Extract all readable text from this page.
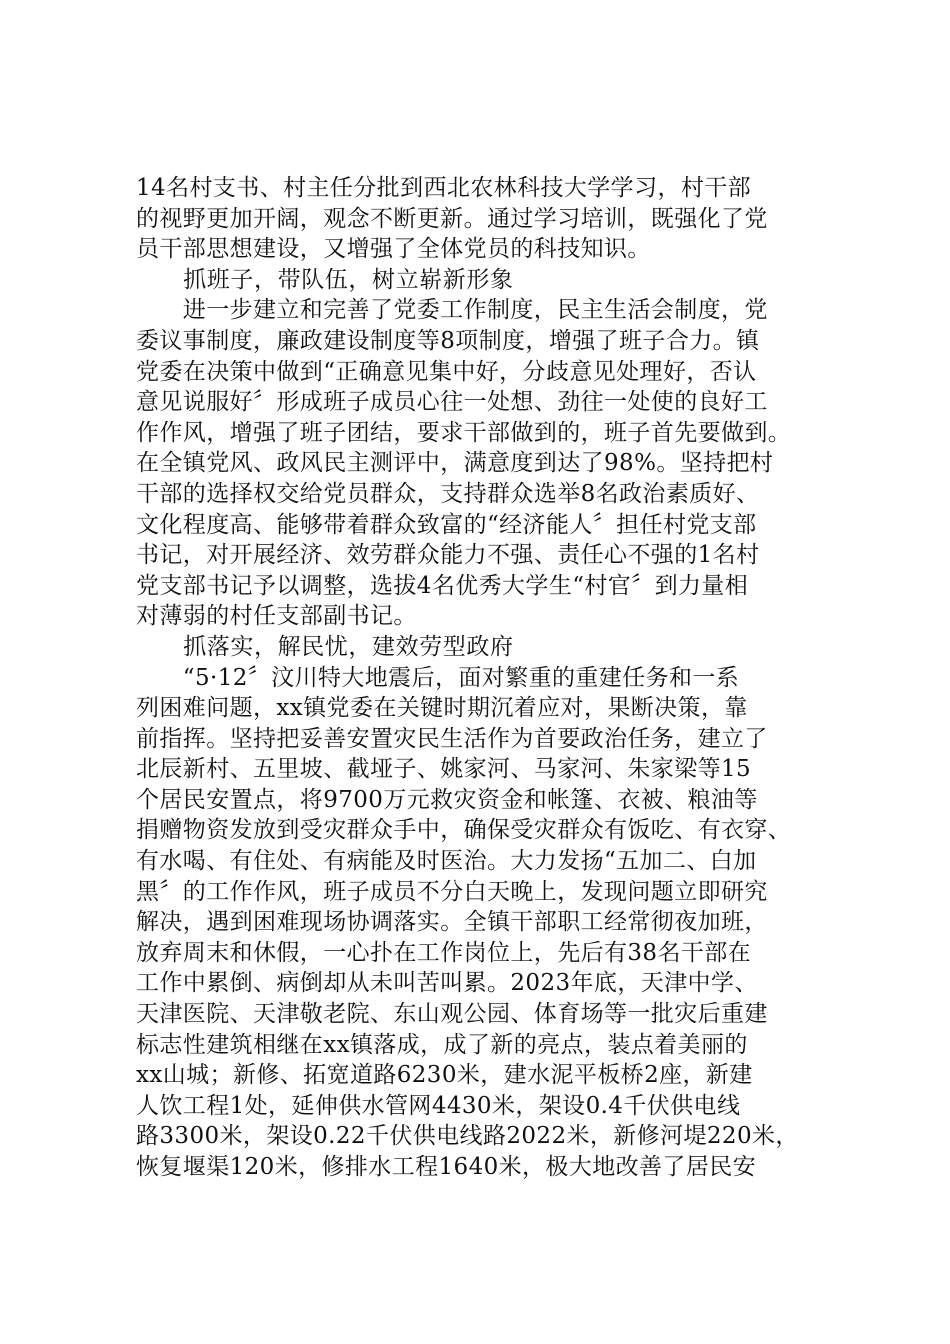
14名村支书、村主任分批到西北农林科技大学学习，村干部
的视野更加开阔，观念不断更新。通过学习培训，既强化了党
员干部思想建设，又增强了全体党员的科技知识。
　　抓班子，带队伍，树立崭新形象
　　进一步建立和完善了党委工作制度，民主生活会制度，党
委议事制度，廉政建设制度等8项制度，增强了班子合力。镇
党委在决策中做到“正确意见集中好，分歧意见处理好，否认
意见说服好〞形成班子成员心往一处想、劲往一处使的良好工
作作风，增强了班子团结，要求干部做到的，班子首先要做到。
在全镇党风、政风民主测评中，满意度到达了98%。坚持把村
干部的选择权交给党员群众，支持群众选举8名政治素质好、
文化程度高、能够带着群众致富的“经济能人〞担任村党支部
书记，对开展经济、效劳群众能力不强、责任心不强的1名村
党支部书记予以调整，选拔4名优秀大学生“村官〞到力量相
对薄弱的村任支部副书记。
　　抓落实，解民忧，建效劳型政府
　　“5·12〞汶川特大地震后，面对繁重的重建任务和一系
列困难问题，xx镇党委在关键时期沉着应对，果断决策，靠
前指挥。坚持把妥善安置灾民生活作为首要政治任务，建立了
北辰新村、五里坡、截垭子、姚家河、马家河、朱家梁等15
个居民安置点，将9700万元救灾资金和帐篷、衣被、粮油等
捐赠物资发放到受灾群众手中，确保受灾群众有饭吃、有衣穿、
有水喝、有住处、有病能及时医治。大力发扬“五加二、白加
黑〞的工作作风，班子成员不分白天晚上，发现问题立即研究
解决，遇到困难现场协调落实。全镇干部职工经常彻夜加班，
放弃周末和休假，一心扑在工作岗位上，先后有38名干部在
工作中累倒、病倒却从未叫苦叫累。2023年底，天津中学、
天津医院、天津敬老院、东山观公园、体育场等一批灾后重建
标志性建筑相继在xx镇落成，成了新的亮点，装点着美丽的
xx山城；新修、拓宽道路6230米，建水泥平板桥2座，新建
人饮工程1处，延伸供水管网4430米，架设0.4千伏供电线
路3300米，架设0.22千伏供电线路2022米，新修河堤220米，
恢复堰渠120米，修排水工程1640米，极大地改善了居民安
